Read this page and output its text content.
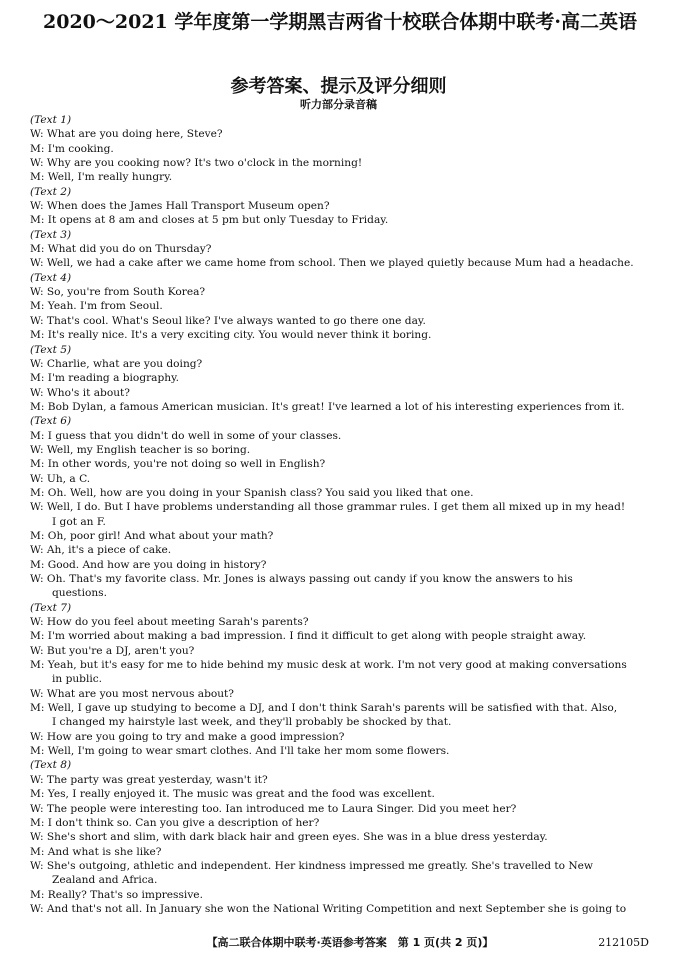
2020～2021 学年度第一学期黑吉两省十校联合体期中联考·高二英语
参考答案、提示及评分细则
听力部分录音稿
(Text 1)
W: What are you doing here, Steve?
M: I'm cooking.
W: Why are you cooking now? It's two o'clock in the morning!
M: Well, I'm really hungry.
(Text 2)
W: When does the James Hall Transport Museum open?
M: It opens at 8 am and closes at 5 pm but only Tuesday to Friday.
(Text 3)
M: What did you do on Thursday?
W: Well, we had a cake after we came home from school. Then we played quietly because Mum had a headache.
(Text 4)
W: So, you're from South Korea?
M: Yeah. I'm from Seoul.
W: That's cool. What's Seoul like? I've always wanted to go there one day.
M: It's really nice. It's a very exciting city. You would never think it boring.
(Text 5)
W: Charlie, what are you doing?
M: I'm reading a biography.
W: Who's it about?
M: Bob Dylan, a famous American musician. It's great! I've learned a lot of his interesting experiences from it.
(Text 6)
M: I guess that you didn't do well in some of your classes.
W: Well, my English teacher is so boring.
M: In other words, you're not doing so well in English?
W: Uh, a C.
M: Oh. Well, how are you doing in your Spanish class? You said you liked that one.
W: Well, I do. But I have problems understanding all those grammar rules. I get them all mixed up in my head!
I got an F.
M: Oh, poor girl! And what about your math?
W: Ah, it's a piece of cake.
M: Good. And how are you doing in history?
W: Oh. That's my favorite class. Mr. Jones is always passing out candy if you know the answers to his
questions.
(Text 7)
W: How do you feel about meeting Sarah's parents?
M: I'm worried about making a bad impression. I find it difficult to get along with people straight away.
W: But you're a DJ, aren't you?
M: Yeah, but it's easy for me to hide behind my music desk at work. I'm not very good at making conversations
in public.
W: What are you most nervous about?
M: Well, I gave up studying to become a DJ, and I don't think Sarah's parents will be satisfied with that. Also,
I changed my hairstyle last week, and they'll probably be shocked by that.
W: How are you going to try and make a good impression?
M: Well, I'm going to wear smart clothes. And I'll take her mom some flowers.
(Text 8)
W: The party was great yesterday, wasn't it?
M: Yes, I really enjoyed it. The music was great and the food was excellent.
W: The people were interesting too. Ian introduced me to Laura Singer. Did you meet her?
M: I don't think so. Can you give a description of her?
W: She's short and slim, with dark black hair and green eyes. She was in a blue dress yesterday.
M: And what is she like?
W: She's outgoing, athletic and independent. Her kindness impressed me greatly. She's travelled to New
Zealand and Africa.
M: Really? That's so impressive.
W: And that's not all. In January she won the National Writing Competition and next September she is going to
【高二联合体期中联考·英语参考答案　第 1 页(共 2 页)】	212105D
